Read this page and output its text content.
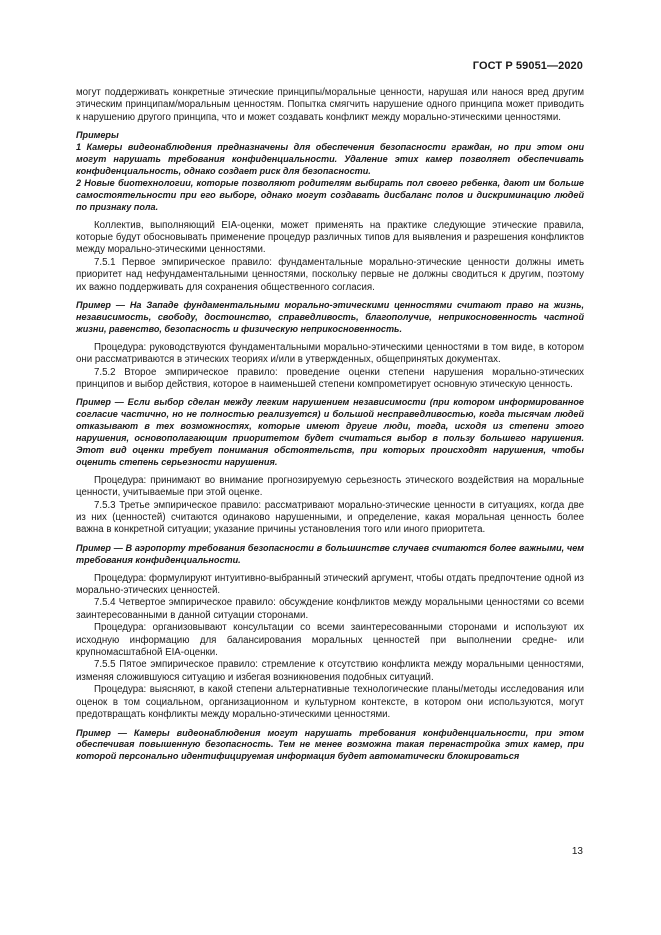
ГОСТ Р 59051—2020

могут поддерживать конкретные этические принципы/моральные ценности, нарушая или нанося вред другим этическим принципам/моральным ценностям. Попытка смягчить нарушение одного принципа может приводить к нарушению другого принципа, что и может создавать конфликт между морально-этическими ценностями.

Примеры

1 Камеры видеонаблюдения предназначены для обеспечения безопасности граждан, но при этом они могут нарушать требования конфиденциальности. Удаление этих камер позволяет обеспечивать конфиденциальность, однако создает риск для безопасности.

2 Новые биотехнологии, которые позволяют родителям выбирать пол своего ребенка, дают им больше самостоятельности при его выборе, однако могут создавать дисбаланс полов и дискриминацию людей по признаку пола.

Коллектив, выполняющий EIA-оценки, может применять на практике следующие этические правила, которые будут обосновывать применение процедур различных типов для выявления и разрешения конфликтов между морально-этическими ценностями.

7.5.1 Первое эмпирическое правило: фундаментальные морально-этические ценности должны иметь приоритет над нефундаментальными ценностями, поскольку первые не должны сводиться к другим, поэтому их важно поддерживать для сохранения общественного согласия.

Пример — На Западе фундаментальными морально-этическими ценностями считают право на жизнь, независимость, свободу, достоинство, справедливость, благополучие, неприкосновенность частной жизни, равенство, безопасность и физическую неприкосновенность.

Процедура: руководствуются фундаментальными морально-этическими ценностями в том виде, в котором они рассматриваются в этических теориях и/или в утвержденных, общепринятых документах.

7.5.2 Второе эмпирическое правило: проведение оценки степени нарушения морально-этических принципов и выбор действия, которое в наименьшей степени компрометирует основную этическую ценность.

Пример — Если выбор сделан между легким нарушением независимости (при котором информированное согласие частично, но не полностью реализуется) и большой несправедливостью, когда тысячам людей отказывают в тех возможностях, которые имеют другие люди, тогда, исходя из степени этого нарушения, основополагающим приоритетом будет считаться выбор в пользу большего нарушения. Этот вид оценки требует понимания обстоятельств, при которых происходят нарушения, чтобы оценить степень серьезности нарушения.

Процедура: принимают во внимание прогнозируемую серьезность этического воздействия на моральные ценности, учитываемые при этой оценке.

7.5.3 Третье эмпирическое правило: рассматривают морально-этические ценности в ситуациях, когда две из них (ценностей) считаются одинаково нарушенными, и определение, какая моральная ценность более важна в конкретной ситуации; указание причины установления того или иного приоритета.

Пример — В аэропорту требования безопасности в большинстве случаев считаются более важными, чем требования конфиденциальности.

Процедура: формулируют интуитивно-выбранный этический аргумент, чтобы отдать предпочтение одной из морально-этических ценностей.

7.5.4 Четвертое эмпирическое правило: обсуждение конфликтов между моральными ценностями со всеми заинтересованными в данной ситуации сторонами.

Процедура: организовывают консультации со всеми заинтересованными сторонами и используют их исходную информацию для балансирования моральных ценностей при выполнении средне- или крупномасштабной EIA-оценки.

7.5.5 Пятое эмпирическое правило: стремление к отсутствию конфликта между моральными ценностями, изменяя сложившуюся ситуацию и избегая возникновения подобных ситуаций.

Процедура: выясняют, в какой степени альтернативные технологические планы/методы исследования или оценок в том социальном, организационном и культурном контексте, в котором они используются, могут предотвращать конфликты между морально-этическими ценностями.

Пример — Камеры видеонаблюдения могут нарушать требования конфиденциальности, при этом обеспечивая повышенную безопасность. Тем не менее возможна такая перенастройка этих камер, при которой персонально идентифицируемая информация будет автоматически блокироваться

13
